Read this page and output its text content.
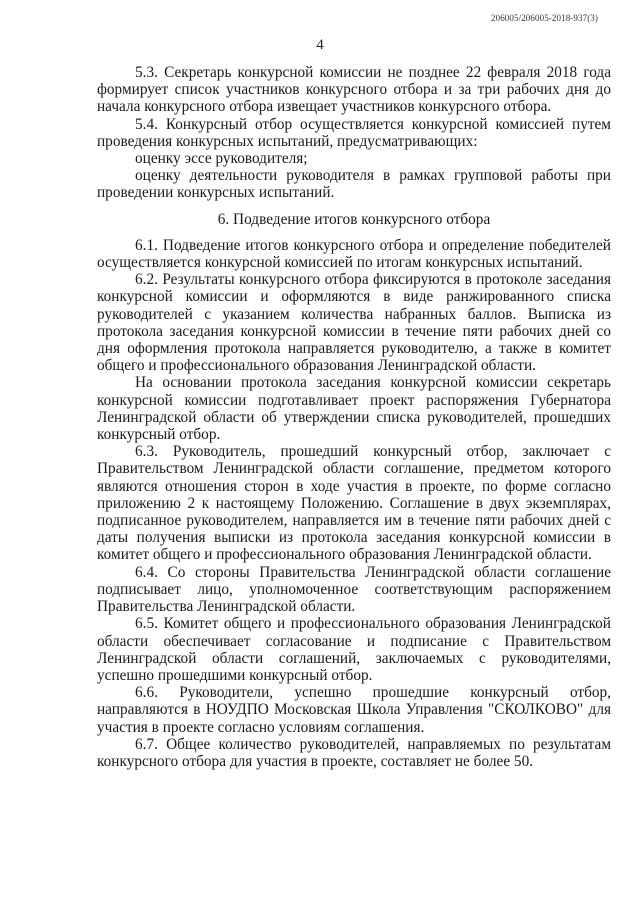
206005/206005-2018-937(3)
4

5.3. Секретарь конкурсной комиссии не позднее 22 февраля 2018 года формирует список участников конкурсного отбора и за три рабочих дня до начала конкурсного отбора извещает участников конкурсного отбора.

5.4. Конкурсный отбор осуществляется конкурсной комиссией путем проведения конкурсных испытаний, предусматривающих:

оценку эссе руководителя;

оценку деятельности руководителя в рамках групповой работы при проведении конкурсных испытаний.

6. Подведение итогов конкурсного отбора

6.1. Подведение итогов конкурсного отбора и определение победителей осуществляется конкурсной комиссией по итогам конкурсных испытаний.

6.2. Результаты конкурсного отбора фиксируются в протоколе заседания конкурсной комиссии и оформляются в виде ранжированного списка руководителей с указанием количества набранных баллов. Выписка из протокола заседания конкурсной комиссии в течение пяти рабочих дней со дня оформления протокола направляется руководителю, а также в комитет общего и профессионального образования Ленинградской области.

На основании протокола заседания конкурсной комиссии секретарь конкурсной комиссии подготавливает проект распоряжения Губернатора Ленинградской области об утверждении списка руководителей, прошедших конкурсный отбор.

6.3. Руководитель, прошедший конкурсный отбор, заключает с Правительством Ленинградской области соглашение, предметом которого являются отношения сторон в ходе участия в проекте, по форме согласно приложению 2 к настоящему Положению. Соглашение в двух экземплярах, подписанное руководителем, направляется им в течение пяти рабочих дней с даты получения выписки из протокола заседания конкурсной комиссии в комитет общего и профессионального образования Ленинградской области.

6.4. Со стороны Правительства Ленинградской области соглашение подписывает лицо, уполномоченное соответствующим распоряжением Правительства Ленинградской области.

6.5. Комитет общего и профессионального образования Ленинградской области обеспечивает согласование и подписание с Правительством Ленинградской области соглашений, заключаемых с руководителями, успешно прошедшими конкурсный отбор.

6.6. Руководители, успешно прошедшие конкурсный отбор, направляются в НОУДПО Московская Школа Управления "СКОЛКОВО" для участия в проекте согласно условиям соглашения.

6.7. Общее количество руководителей, направляемых по результатам конкурсного отбора для участия в проекте, составляет не более 50.
